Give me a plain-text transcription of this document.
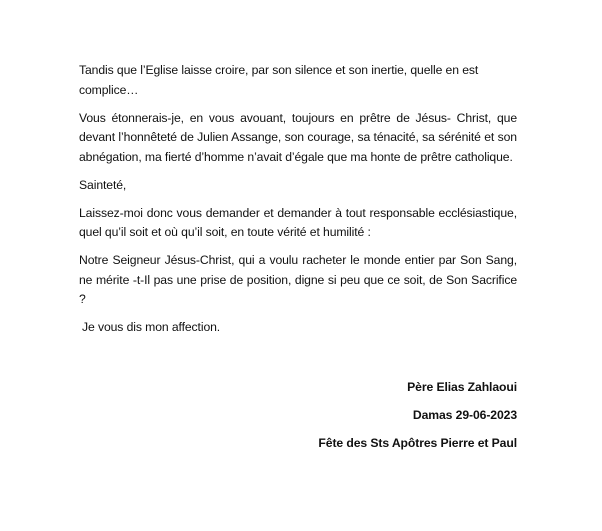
Tandis que l’Eglise laisse croire, par son silence et son inertie, quelle en est complice…

Vous étonnerais-je, en vous avouant, toujours en prêtre de Jésus- Christ, que devant l’honnêteté de Julien Assange, son courage, sa ténacité, sa sérénité et son abnégation, ma fierté d’homme n’avait d’égale que ma honte de prêtre catholique.

Sainteté,

Laissez-moi donc vous demander et demander à tout responsable ecclésiastique, quel qu’il soit et où qu’il soit, en toute vérité et humilité :

Notre Seigneur Jésus-Christ, qui a voulu racheter le monde entier par Son Sang, ne mérite -t-Il pas une prise de position, digne si peu que ce soit, de Son Sacrifice ?

Je vous dis mon affection.

Père Elias Zahlaoui
Damas 29-06-2023
Fête des Sts Apôtres Pierre et Paul
